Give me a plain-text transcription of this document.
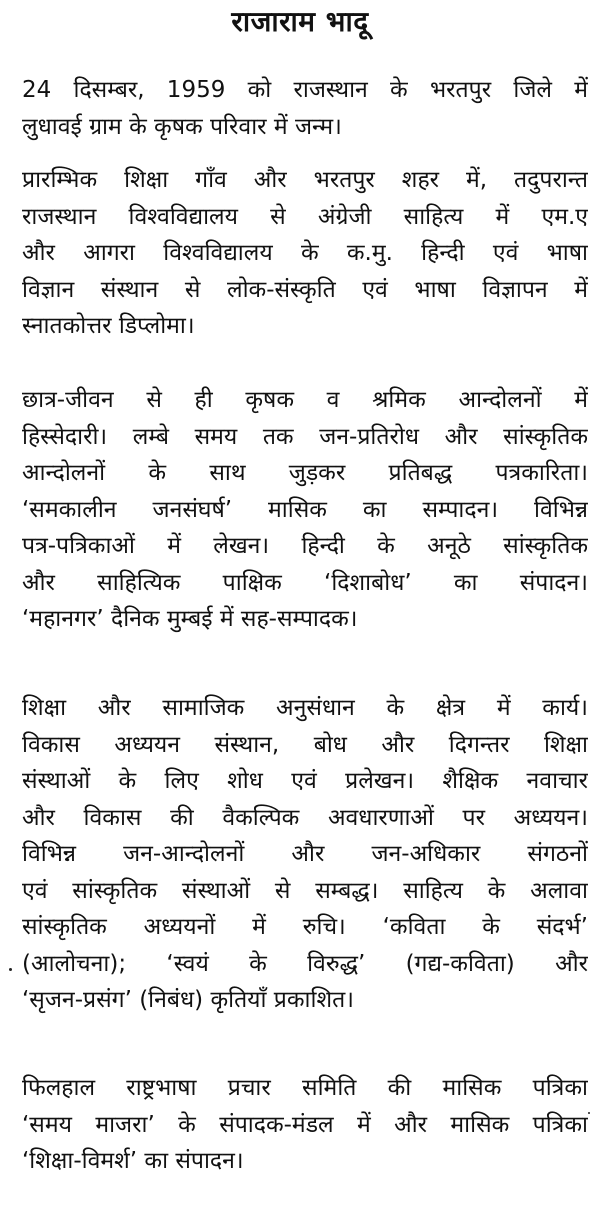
राजाराम भादू

24 दिसम्बर, 1959 को राजस्थान के भरतपुर जिले में
लुधावई ग्राम के कृषक परिवार में जन्म।

प्रारम्भिक शिक्षा गाँव और भरतपुर शहर में, तदुपरान्त
राजस्थान विश्वविद्यालय से अंग्रेजी साहित्य में एम.ए
और आगरा विश्वविद्यालय के क.मु. हिन्दी एवं भाषा
विज्ञान संस्थान से लोक-संस्कृति एवं भाषा विज्ञापन में
स्नातकोत्तर डिप्लोमा।

छात्र-जीवन से ही कृषक व श्रमिक आन्दोलनों में
हिस्सेदारी। लम्बे समय तक जन-प्रतिरोध और सांस्कृतिक
आन्दोलनों के साथ जुड़कर प्रतिबद्ध पत्रकारिता।
‘समकालीन जनसंघर्ष’ मासिक का सम्पादन। विभिन्न
पत्र-पत्रिकाओं में लेखन। हिन्दी के अनूठे सांस्कृतिक
और साहित्यिक पाक्षिक ‘दिशाबोध’ का संपादन।
‘महानगर’ दैनिक मुम्बई में सह-सम्पादक।

शिक्षा और सामाजिक अनुसंधान के क्षेत्र में कार्य।
विकास अध्ययन संस्थान, बोध और दिगन्तर शिक्षा
संस्थाओं के लिए शोध एवं प्रलेखन। शैक्षिक नवाचार
और विकास की वैकल्पिक अवधारणाओं पर अध्ययन।
विभिन्न जन-आन्दोलनों और जन-अधिकार संगठनों
एवं सांस्कृतिक संस्थाओं से सम्बद्ध। साहित्य के अलावा
सांस्कृतिक अध्ययनों में रुचि। ‘कविता के संदर्भ’
(आलोचना); ‘स्वयं के विरुद्ध’ (गद्य-कविता) और
‘सृजन-प्रसंग’ (निबंध) कृतियाँ प्रकाशित।

फिलहाल राष्ट्रभाषा प्रचार समिति की मासिक पत्रिका
‘समय माजरा’ के संपादक-मंडल में और मासिक पत्रिका
‘शिक्षा-विमर्श’ का संपादन।
